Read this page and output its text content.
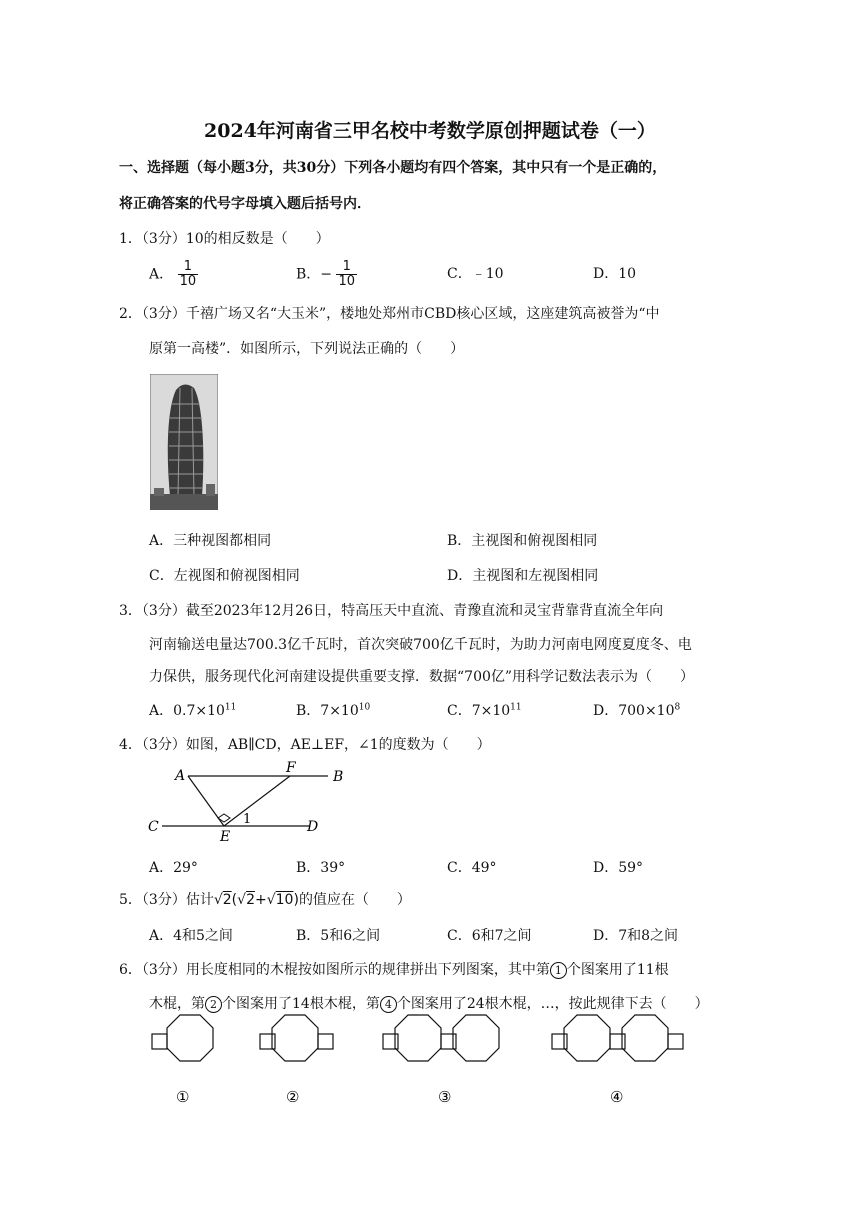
2024年河南省三甲名校中考数学原创押题试卷（一）
一、选择题（每小题3分，共30分）下列各小题均有四个答案，其中只有一个是正确的，
将正确答案的代号字母填入题后括号内．
1．（3分）10的相反数是（　　）
A． $\frac{1}{10}$	B．− $\frac{1}{10}$	C．﹣10	D．10
2．（3分）千禧广场又名“大玉米”，楼地处郑州市CBD核心区域，这座建筑高被誉为“中
原第一高楼”．如图所示，下列说法正确的（　　）
A．三种视图都相同	B．主视图和俯视图相同
C．左视图和俯视图相同	D．主视图和左视图相同
3．（3分）截至2023年12月26日，特高压天中直流、青豫直流和灵宝背靠背直流全年向
河南输送电量达700.3亿千瓦时，首次突破700亿千瓦时，为助力河南电网度夏度冬、电
力保供，服务现代化河南建设提供重要支撑．数据“700亿”用科学记数法表示为（　　）
A．$0.7\times 10^{11}$	B．$7\times 10^{10}$	C．$7\times 10^{11}$	D．$700\times 10^8$
4．（3分）如图，AB∥CD，AE⊥EF，∠1的度数为（　　）
A	F
B
C
E
D
1
A．29°	B．39°	C．49°	D．59°
5．（3分）估计√2(√2+√10)的值应在（　　）
A．4和5之间	B．5和6之间	C．6和7之间	D．7和8之间
6．（3分）用长度相同的木棍按如图所示的规律拼出下列图案，其中第 1 个图案用了11根
木棍，第 2 个图案用了14根木棍，第 4 个图案用了24根木棍，…，按此规律下去（　　）
①	②	③	④
